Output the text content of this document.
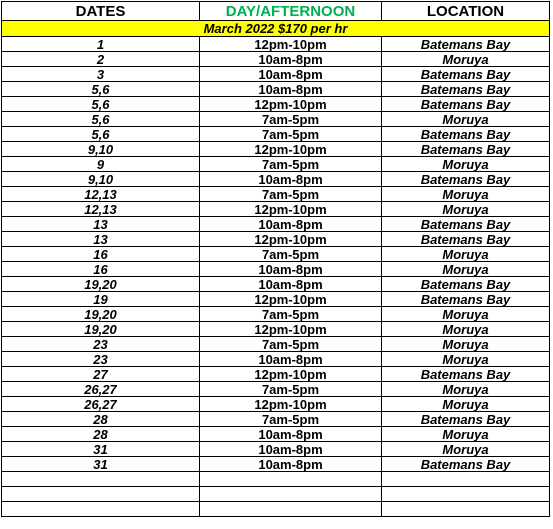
DATES	DAY/AFTERNOON	LOCATION
March 2022 $170 per hr		
1	12pm-10pm	Batemans Bay
2	10am-8pm	Moruya
3	10am-8pm	Batemans Bay
5,6	10am-8pm	Batemans Bay
5,6	12pm-10pm	Batemans Bay
5,6	7am-5pm	Moruya
5,6	7am-5pm	Batemans Bay
9,10	12pm-10pm	Batemans Bay
9	7am-5pm	Moruya
9,10	10am-8pm	Batemans Bay
12,13	7am-5pm	Moruya
12,13	12pm-10pm	Moruya
13	10am-8pm	Batemans Bay
13	12pm-10pm	Batemans Bay
16	7am-5pm	Moruya
16	10am-8pm	Moruya
19,20	10am-8pm	Batemans Bay
19	12pm-10pm	Batemans Bay
19,20	7am-5pm	Moruya
19,20	12pm-10pm	Moruya
23	7am-5pm	Moruya
23	10am-8pm	Moruya
27	12pm-10pm	Batemans Bay
26,27	7am-5pm	Moruya
26,27	12pm-10pm	Moruya
28	7am-5pm	Batemans Bay
28	10am-8pm	Moruya
31	10am-8pm	Moruya
31	10am-8pm	Batemans Bay
